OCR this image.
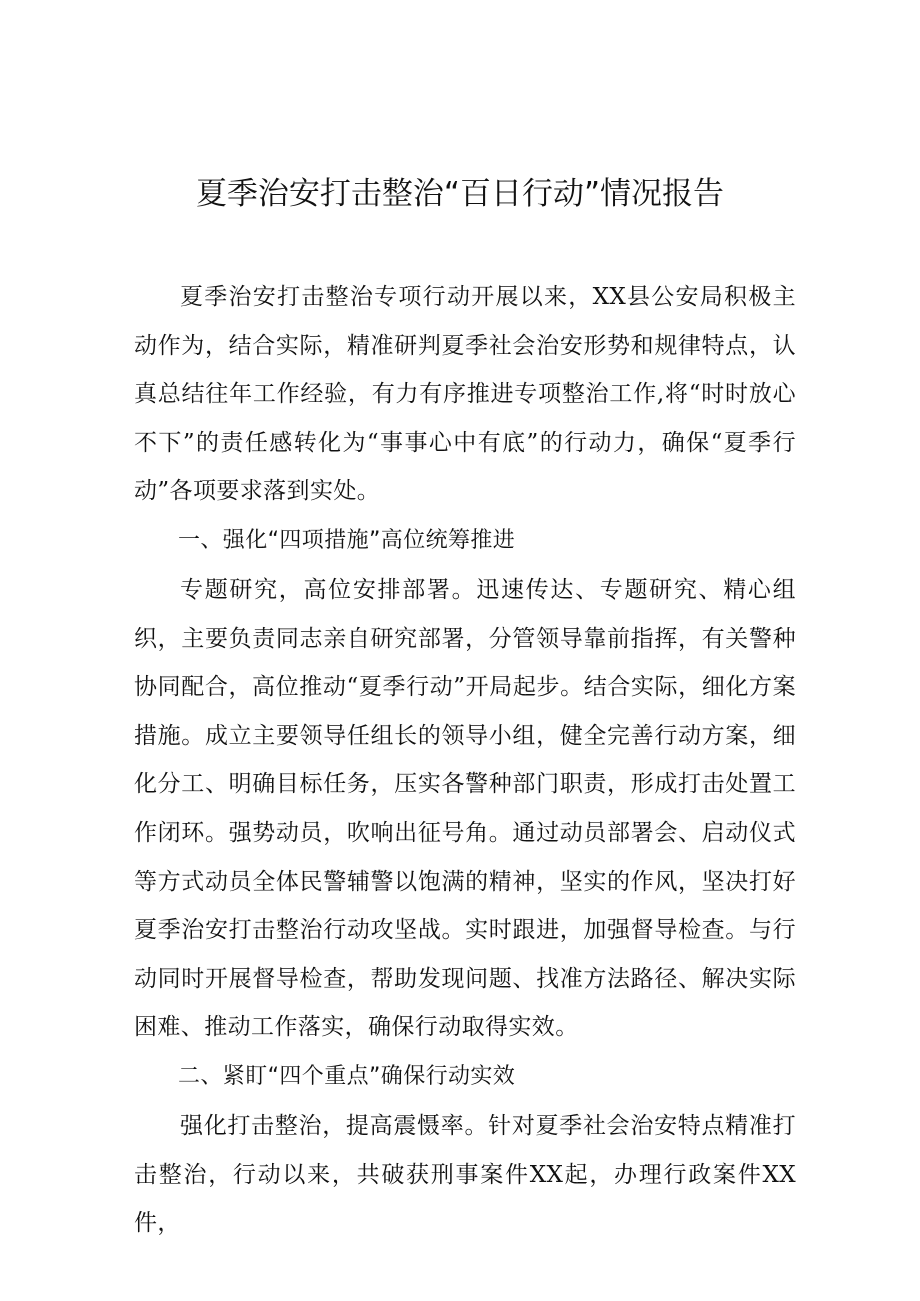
夏季治安打击整治“百日行动”情况报告

夏季治安打击整治专项行动开展以来，XX县公安局积极主动作为，结合实际，精准研判夏季社会治安形势和规律特点，认真总结往年工作经验，有力有序推进专项整治工作,将“时时放心不下”的责任感转化为“事事心中有底”的行动力，确保“夏季行动”各项要求落到实处。

一、强化“四项措施”高位统筹推进

专题研究，高位安排部署。迅速传达、专题研究、精心组织，主要负责同志亲自研究部署，分管领导靠前指挥，有关警种协同配合，高位推动“夏季行动”开局起步。结合实际，细化方案措施。成立主要领导任组长的领导小组，健全完善行动方案，细化分工、明确目标任务，压实各警种部门职责，形成打击处置工作闭环。强势动员，吹响出征号角。通过动员部署会、启动仪式等方式动员全体民警辅警以饱满的精神，坚实的作风，坚决打好夏季治安打击整治行动攻坚战。实时跟进，加强督导检查。与行动同时开展督导检查，帮助发现问题、找准方法路径、解决实际困难、推动工作落实，确保行动取得实效。

二、紧盯“四个重点”确保行动实效

强化打击整治，提高震慑率。针对夏季社会治安特点精准打击整治，行动以来，共破获刑事案件XX起，办理行政案件XX件，
